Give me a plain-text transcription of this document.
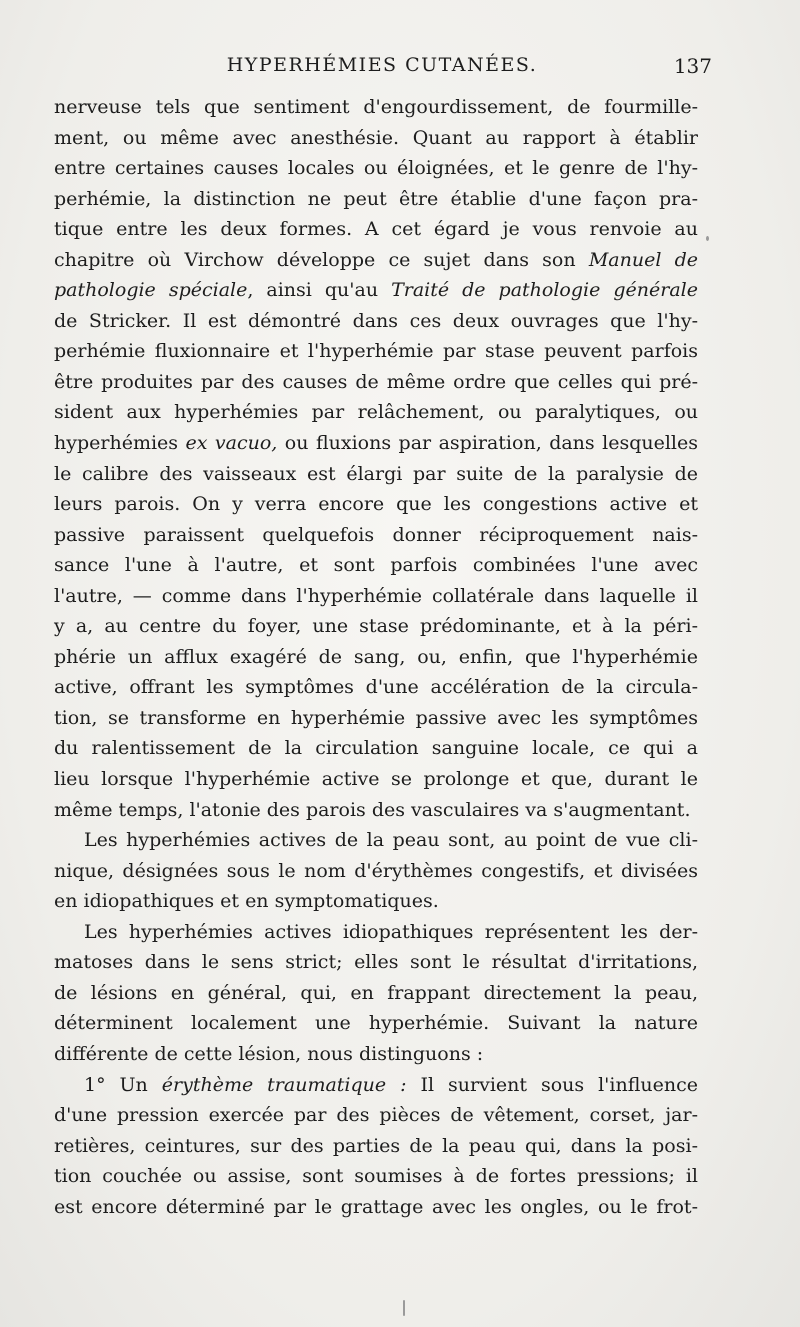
HYPERHÉMIES CUTANÉES.	137

nerveuse tels que sentiment d'engourdissement, de fourmille-
ment, ou même avec anesthésie. Quant au rapport à établir
entre certaines causes locales ou éloignées, et le genre de l'hy-
perhémie, la distinction ne peut être établie d'une façon pra-
tique entre les deux formes. A cet égard je vous renvoie au
chapitre où Virchow développe ce sujet dans son Manuel de
pathologie spéciale, ainsi qu'au Traité de pathologie générale
de Stricker. Il est démontré dans ces deux ouvrages que l'hy-
perhémie fluxionnaire et l'hyperhémie par stase peuvent parfois
être produites par des causes de même ordre que celles qui pré-
sident aux hyperhémies par relâchement, ou paralytiques, ou
hyperhémies ex vacuo, ou fluxions par aspiration, dans lesquelles
le calibre des vaisseaux est élargi par suite de la paralysie de
leurs parois. On y verra encore que les congestions active et
passive paraissent quelquefois donner réciproquement nais-
sance l'une à l'autre, et sont parfois combinées l'une avec
l'autre, — comme dans l'hyperhémie collatérale dans laquelle il
y a, au centre du foyer, une stase prédominante, et à la péri-
phérie un afflux exagéré de sang, ou, enfin, que l'hyperhémie
active, offrant les symptômes d'une accélération de la circula-
tion, se transforme en hyperhémie passive avec les symptômes
du ralentissement de la circulation sanguine locale, ce qui a
lieu lorsque l'hyperhémie active se prolonge et que, durant le
même temps, l'atonie des parois des vasculaires va s'augmentant.

Les hyperhémies actives de la peau sont, au point de vue cli-
nique, désignées sous le nom d'érythèmes congestifs, et divisées
en idiopathiques et en symptomatiques.

Les hyperhémies actives idiopathiques représentent les der-
matoses dans le sens strict; elles sont le résultat d'irritations,
de lésions en général, qui, en frappant directement la peau,
déterminent localement une hyperhémie. Suivant la nature
différente de cette lésion, nous distinguons :

1° Un érythème traumatique : Il survient sous l'influence
d'une pression exercée par des pièces de vêtement, corset, jar-
retières, ceintures, sur des parties de la peau qui, dans la posi-
tion couchée ou assise, sont soumises à de fortes pressions; il
est encore déterminé par le grattage avec les ongles, ou le frot-
